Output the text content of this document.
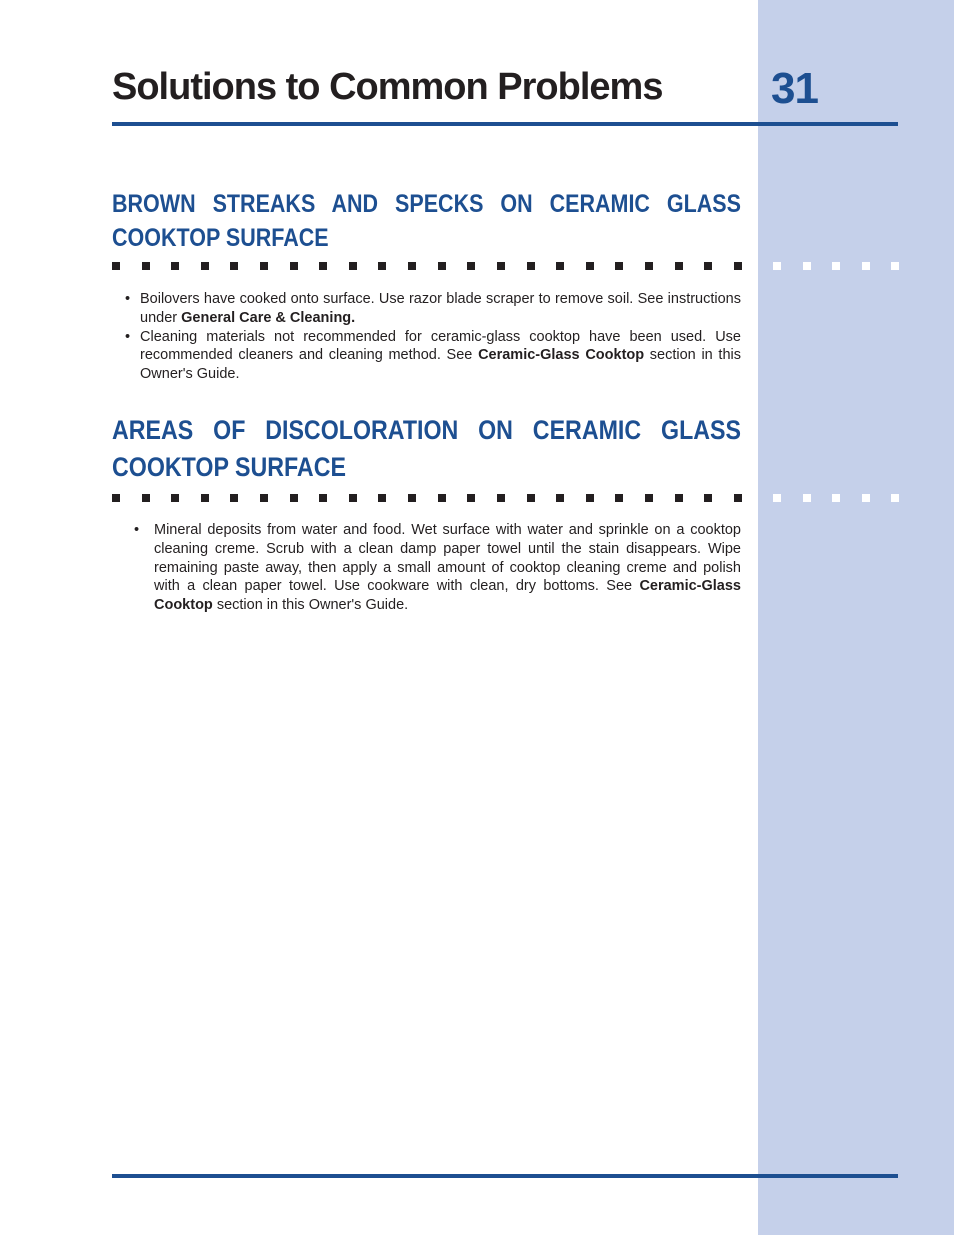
Solutions to Common Problems 31
BROWN STREAKS AND SPECKS ON CERAMIC GLASS COOKTOP SURFACE
• Boilovers have cooked onto surface. Use razor blade scraper to remove soil. See instructions under General Care & Cleaning.
• Cleaning materials not recommended for ceramic-glass cooktop have been used. Use recommended cleaners and cleaning method. See Ceramic-Glass Cooktop section in this Owner's Guide.
AREAS OF DISCOLORATION ON CERAMIC GLASS COOKTOP SURFACE
• Mineral deposits from water and food. Wet surface with water and sprinkle on a cooktop cleaning creme. Scrub with a clean damp paper towel until the stain disappears. Wipe remaining paste away, then apply a small amount of cooktop cleaning creme and polish with a clean paper towel. Use cookware with clean, dry bottoms. See Ceramic-Glass Cooktop section in this Owner's Guide.
